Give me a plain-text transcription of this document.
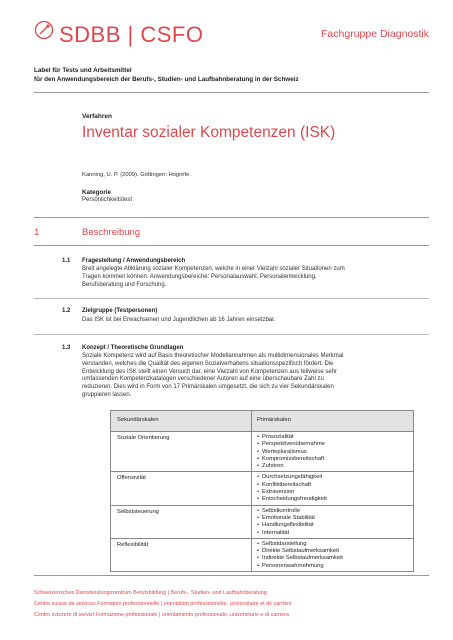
SDBB | CSFO	Fachgruppe Diagnostik
Label für Tests und Arbeitsmittel
für den Anwendungsbereich der Berufs-, Studien- und Laufbahnberatung in der Schweiz
Verfahren
Inventar sozialer Kompetenzen (ISK)
Kanning, U. P. (2009). Göttingen: Hogrefe.
Kategorie
Persönlichkeitstest
1	Beschreibung
1.1 Fragestellung / Anwendungsbereich
Breit angelegte Abklärung sozialer Kompetenzen, welche in einer Vielzahl sozialer Situationen zum
Tragen kommen können. Anwendungsbereiche: Personalauswahl, Personalentwicklung,
Berufsberatung und Forschung.
1.2 Zielgruppe (Testpersonen)
Das ISK ist bei Erwachsenen und Jugendlichen ab 16 Jahren einsetzbar.
1.3 Konzept / Theoretische Grundlagen
Soziale Kompetenz wird auf Basis theoretischer Modellannahmen als multidimensionales Merkmal
verstanden, welches die Qualität des eigenen Sozialverhaltens situationsspezifisch fördert. Die
Entwicklung des ISK stellt einen Versuch dar, eine Vielzahl von Kompetenzen aus teilweise sehr
umfassenden Kompetenzkatalogen verschiedener Autoren auf eine überschaubare Zahl zu
reduzieren. Dies wird in Form von 17 Primärskalen umgesetzt, die sich zu vier Sekundärskalen
gruppieren lassen.
Sekundärskalen	Primärskalen
Soziale Orientierung	• Prosozialität
• Perspektivenübernahme
• Wertepluralismus
• Kompromissbereitschaft
• Zuhören
Offensivität	• Durchsetzungsfähigkeit
• Konfliktbereitschaft
• Extraversion
• Entscheidungsfreudigkeit
Selbststeuerung	• Selbstkontrolle
• Emotionale Stabilität
• Handlungsflexibilität
• Internalität
Reflexibilität	• Selbstdarstellung
• Direkte Selbstaufmerksamkeit
• Indirekte Selbstaufmerksamkeit
• Personenwahrnehmung
Schweizerisches Dienstleistungszentrum Berufsbildung | Berufs-, Studien- und Laufbahnberatung
Centre suisse de services Formation professionnelle | orientation professionnelle, universitaire et de carrière
Centro svizzero di servizi Formazione professionale | orientamento professionale, universitario e di carriera
